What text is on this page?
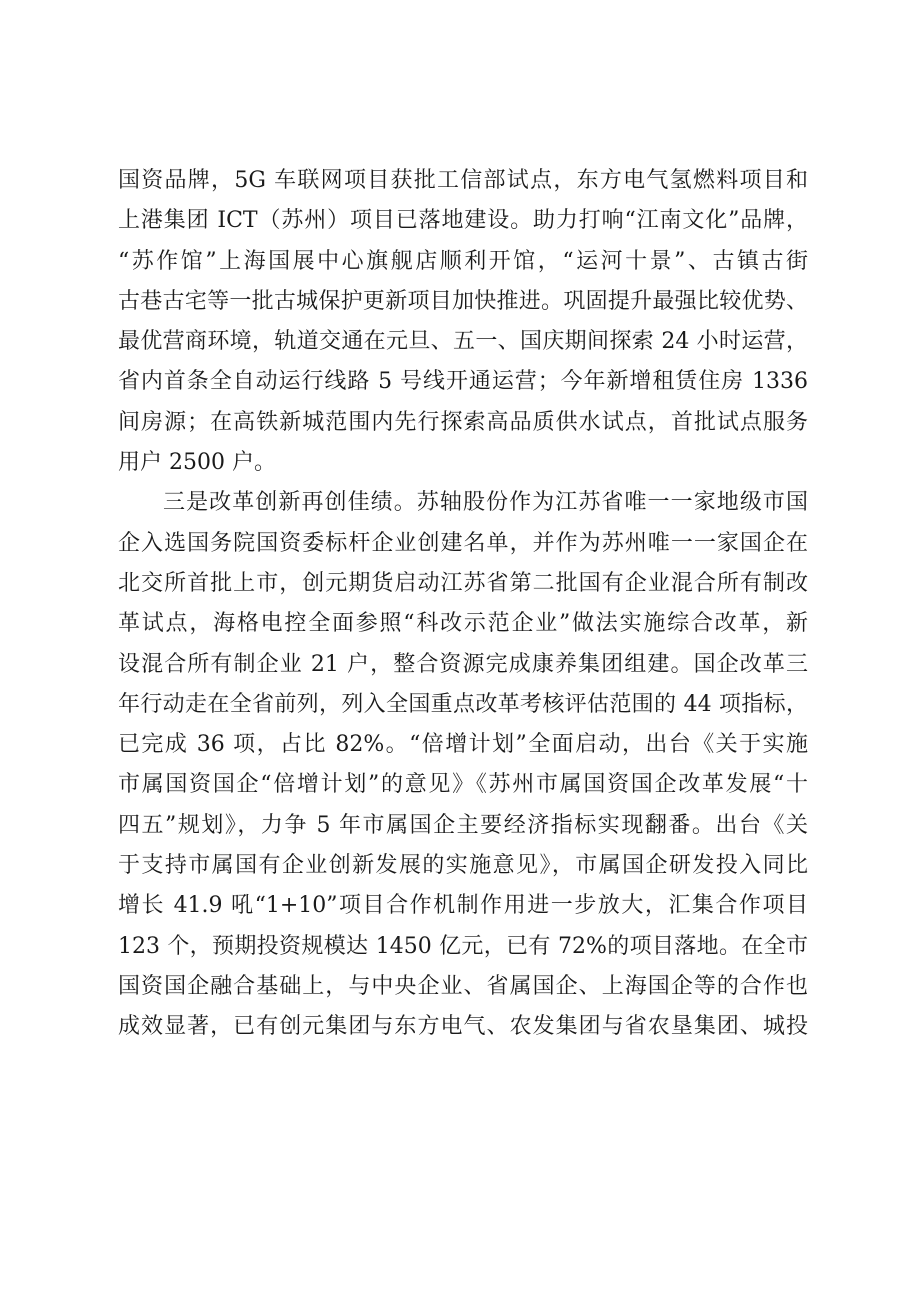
国资品牌，5G 车联网项目获批工信部试点，东方电气氢燃料项目和
上港集团 ICT（苏州）项目已落地建设。助力打响“江南文化”品牌，
“苏作馆”上海国展中心旗舰店顺利开馆，“运河十景”、古镇古街
古巷古宅等一批古城保护更新项目加快推进。巩固提升最强比较优势、
最优营商环境，轨道交通在元旦、五一、国庆期间探索 24 小时运营，
省内首条全自动运行线路 5 号线开通运营；今年新增租赁住房 1336
间房源；在高铁新城范围内先行探索高品质供水试点，首批试点服务
用户 2500 户。
三是改革创新再创佳绩。苏轴股份作为江苏省唯一一家地级市国
企入选国务院国资委标杆企业创建名单，并作为苏州唯一一家国企在
北交所首批上市，创元期货启动江苏省第二批国有企业混合所有制改
革试点，海格电控全面参照“科改示范企业”做法实施综合改革，新
设混合所有制企业 21 户，整合资源完成康养集团组建。国企改革三
年行动走在全省前列，列入全国重点改革考核评估范围的 44 项指标，
已完成 36 项，占比 82%。“倍增计划”全面启动，出台《关于实施
市属国资国企“倍增计划”的意见》《苏州市属国资国企改革发展“十
四五”规划》，力争 5 年市属国企主要经济指标实现翻番。出台《关
于支持市属国有企业创新发展的实施意见》，市属国企研发投入同比
增长 41.9 吼“1+10”项目合作机制作用进一步放大，汇集合作项目
123 个，预期投资规模达 1450 亿元，已有 72%的项目落地。在全市
国资国企融合基础上，与中央企业、省属国企、上海国企等的合作也
成效显著，已有创元集团与东方电气、农发集团与省农垦集团、城投
